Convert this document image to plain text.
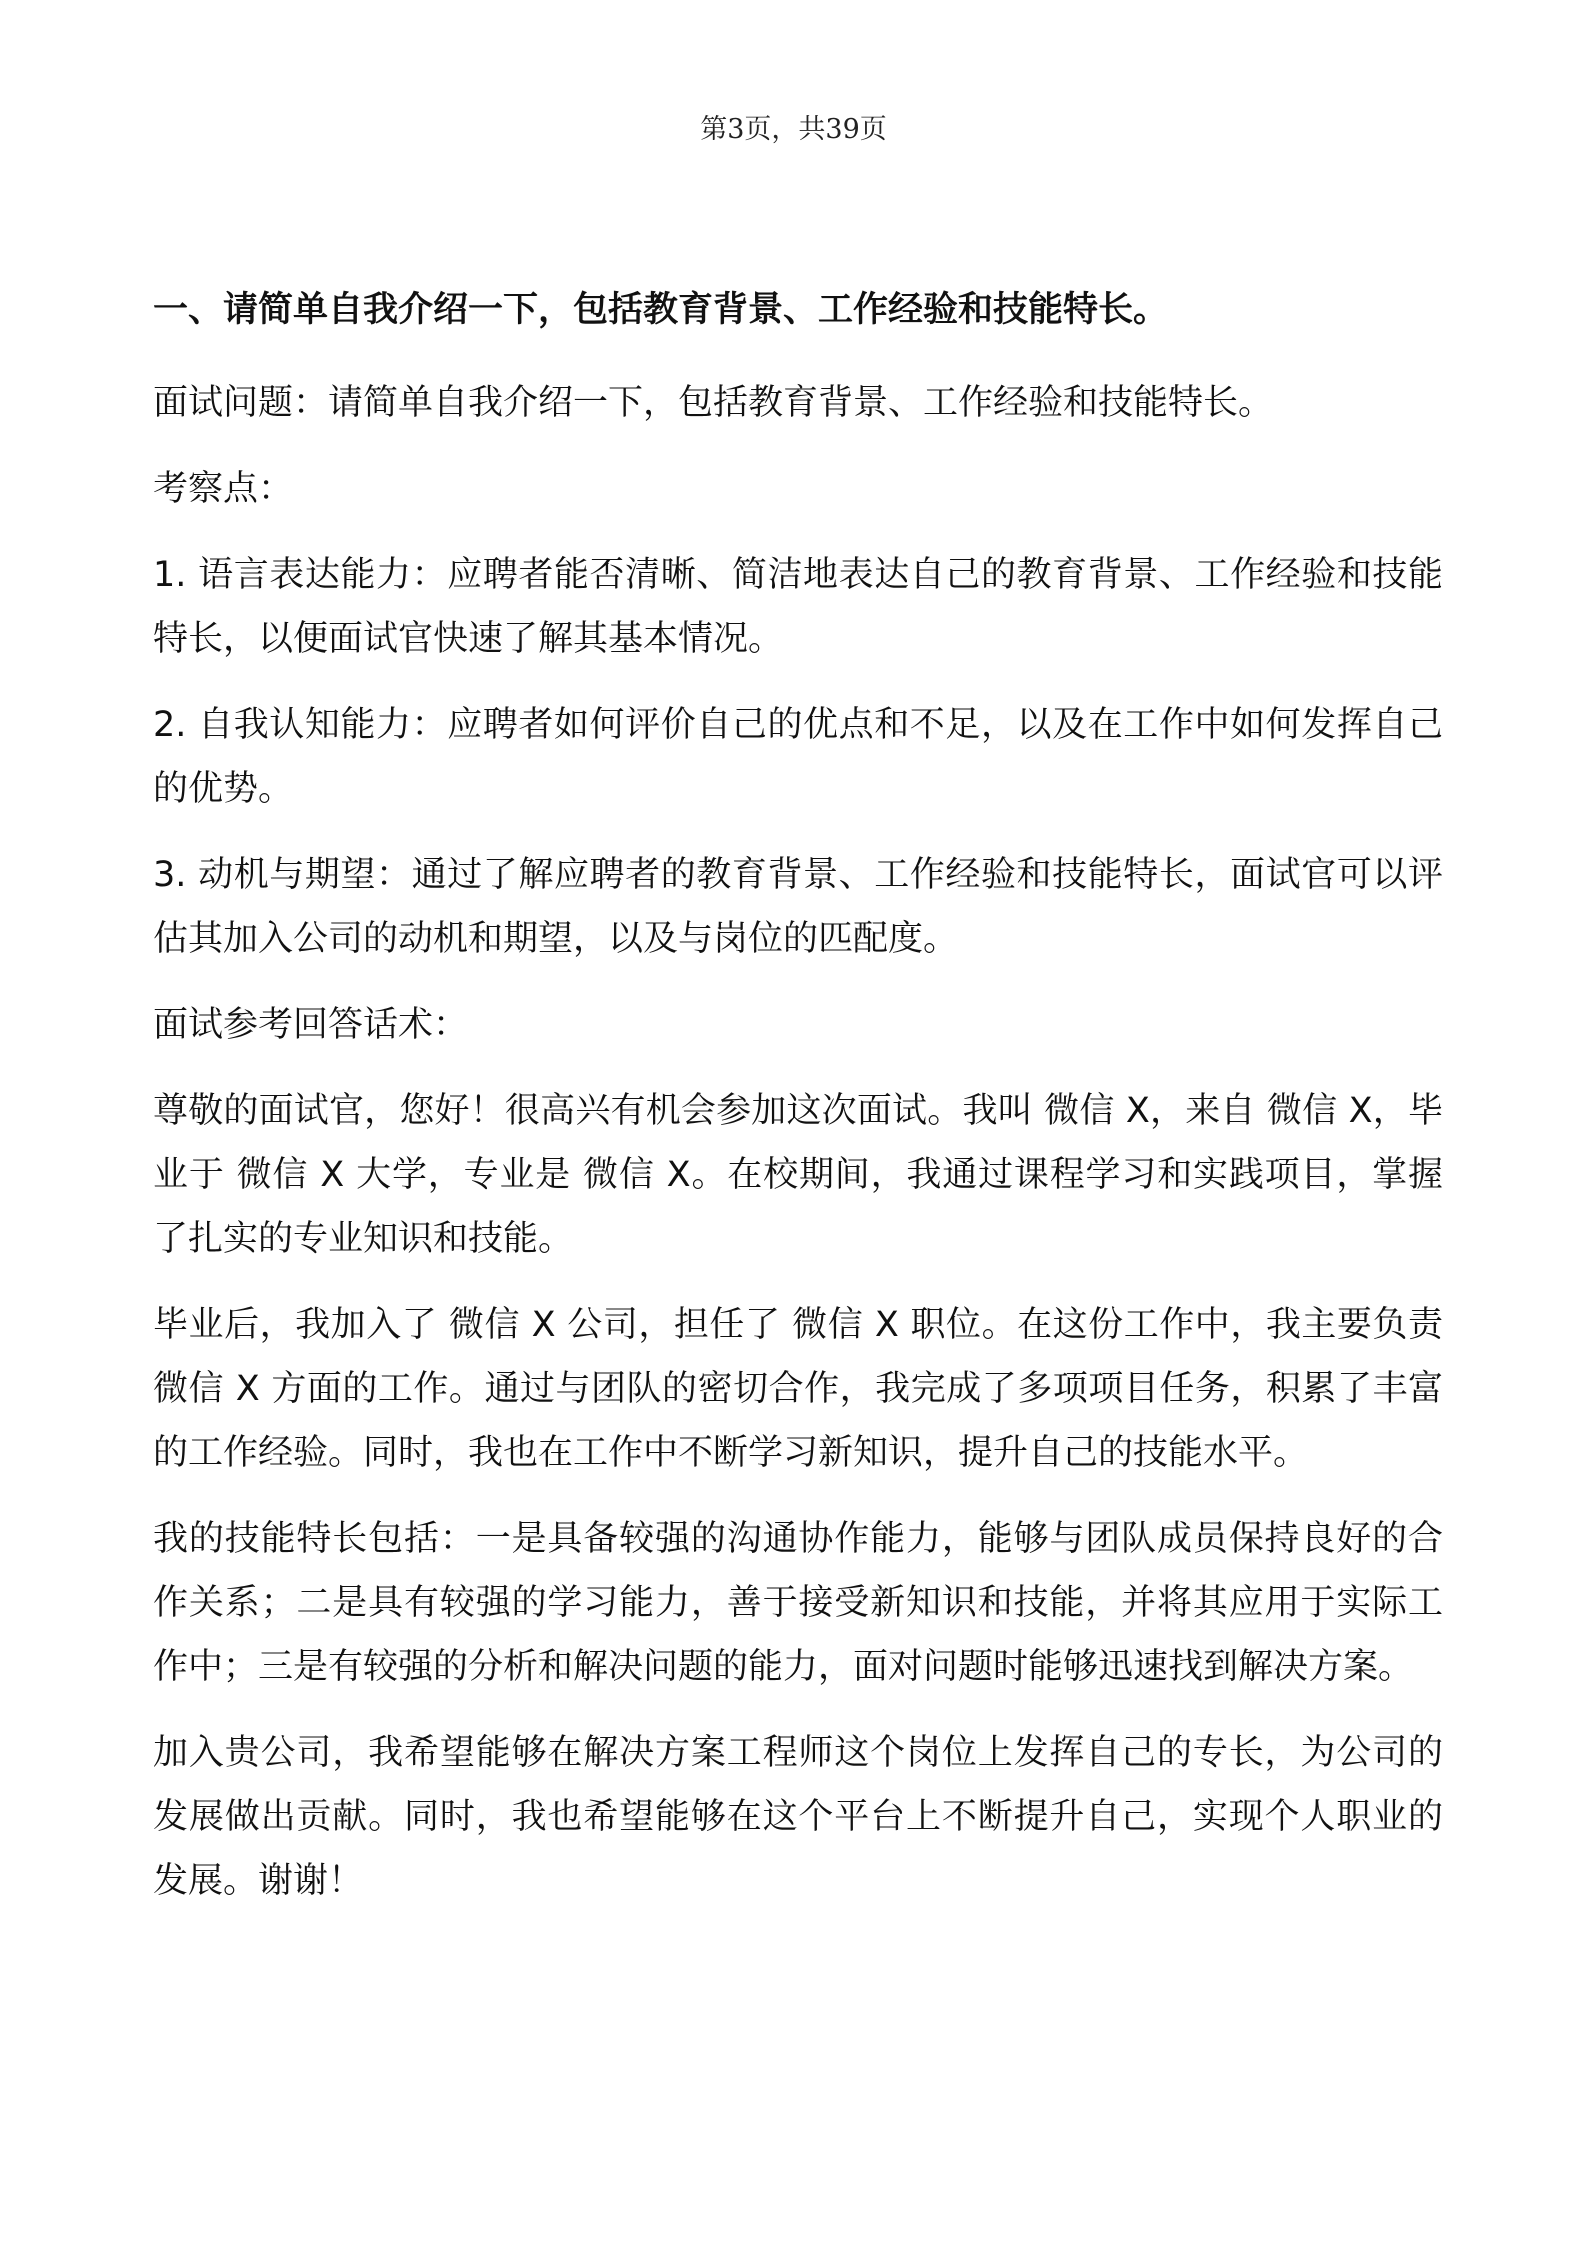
第3页，共39页
一、请简单自我介绍一下，包括教育背景、工作经验和技能特长。
面试问题：请简单自我介绍一下，包括教育背景、工作经验和技能特长。
考察点：
1. 语言表达能力：应聘者能否清晰、简洁地表达自己的教育背景、工作经验和技能特长，以便面试官快速了解其基本情况。
2. 自我认知能力：应聘者如何评价自己的优点和不足，以及在工作中如何发挥自己的优势。
3. 动机与期望：通过了解应聘者的教育背景、工作经验和技能特长，面试官可以评估其加入公司的动机和期望，以及与岗位的匹配度。
面试参考回答话术：
尊敬的面试官，您好！很高兴有机会参加这次面试。我叫 微信 X，来自 微信 X，毕业于 微信 X 大学，专业是 微信 X。在校期间，我通过课程学习和实践项目，掌握了扎实的专业知识和技能。
毕业后，我加入了 微信 X 公司，担任了 微信 X 职位。在这份工作中，我主要负责 微信 X 方面的工作。通过与团队的密切合作，我完成了多项项目任务，积累了丰富的工作经验。同时，我也在工作中不断学习新知识，提升自己的技能水平。
我的技能特长包括：一是具备较强的沟通协作能力，能够与团队成员保持良好的合作关系；二是具有较强的学习能力，善于接受新知识和技能，并将其应用于实际工作中；三是有较强的分析和解决问题的能力，面对问题时能够迅速找到解决方案。
加入贵公司，我希望能够在解决方案工程师这个岗位上发挥自己的专长，为公司的发展做出贡献。同时，我也希望能够在这个平台上不断提升自己，实现个人职业的发展。谢谢！
